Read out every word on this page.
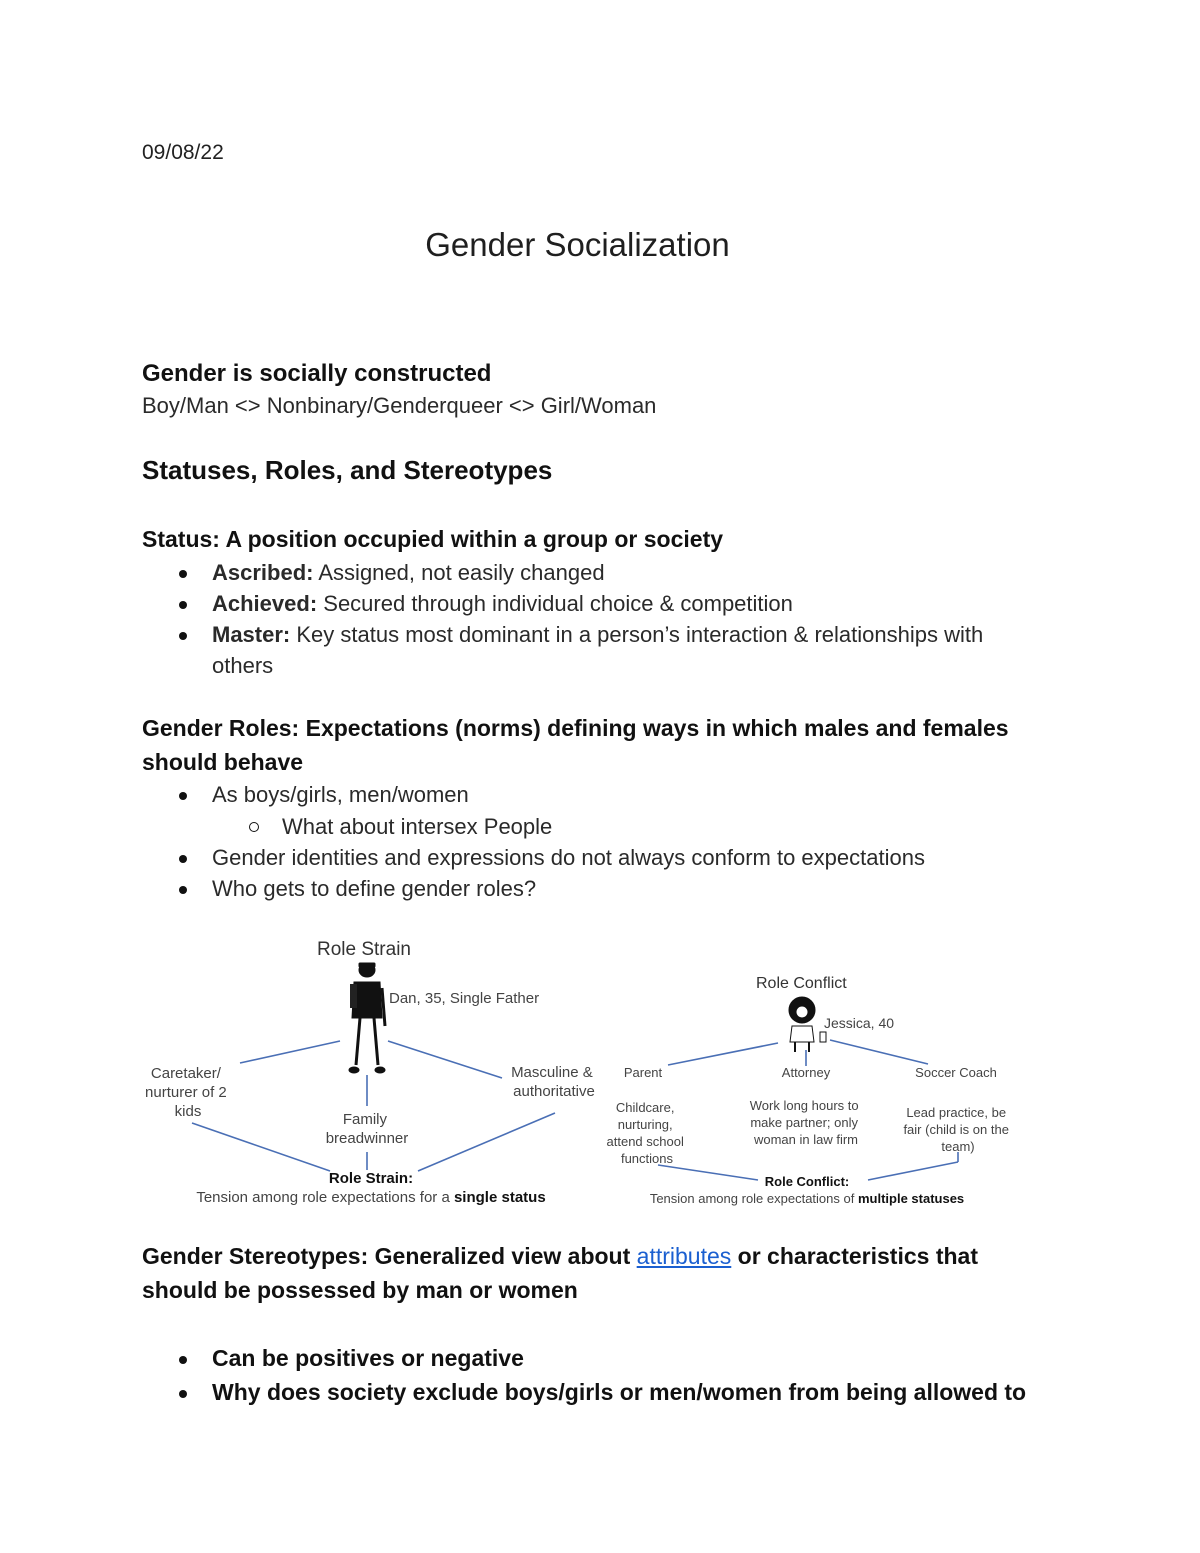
09/08/22
Gender Socialization
Gender is socially constructed
Boy/Man <> Nonbinary/Genderqueer <> Girl/Woman
Statuses, Roles, and Stereotypes
Status: A position occupied within a group or society
Ascribed: Assigned, not easily changed
Achieved: Secured through individual choice & competition
Master: Key status most dominant in a person’s interaction & relationships with
others
Gender Roles: Expectations (norms) defining ways in which males and females
should behave
As boys/girls, men/women
What about intersex People
Gender identities and expressions do not always conform to expectations
Who gets to define gender roles?
Role Strain
Dan, 35, Single Father
Caretaker/ nurturer of 2 kids	Family breadwinner
Masculine & authoritative
Role Strain:
Tension among role expectations for a single status
Role Conflict
Jessica, 40
Parent	Attorney	Soccer Coach
Childcare, nurturing, attend school functions
Work long hours to make partner; only woman in law firm
Lead practice, be fair (child is on the team)
Role Conflict:
Tension among role expectations of multiple statuses
Gender Stereotypes: Generalized view about attributes or characteristics that
should be possessed by man or women
Can be positives or negative
Why does society exclude boys/girls or men/women from being allowed to
